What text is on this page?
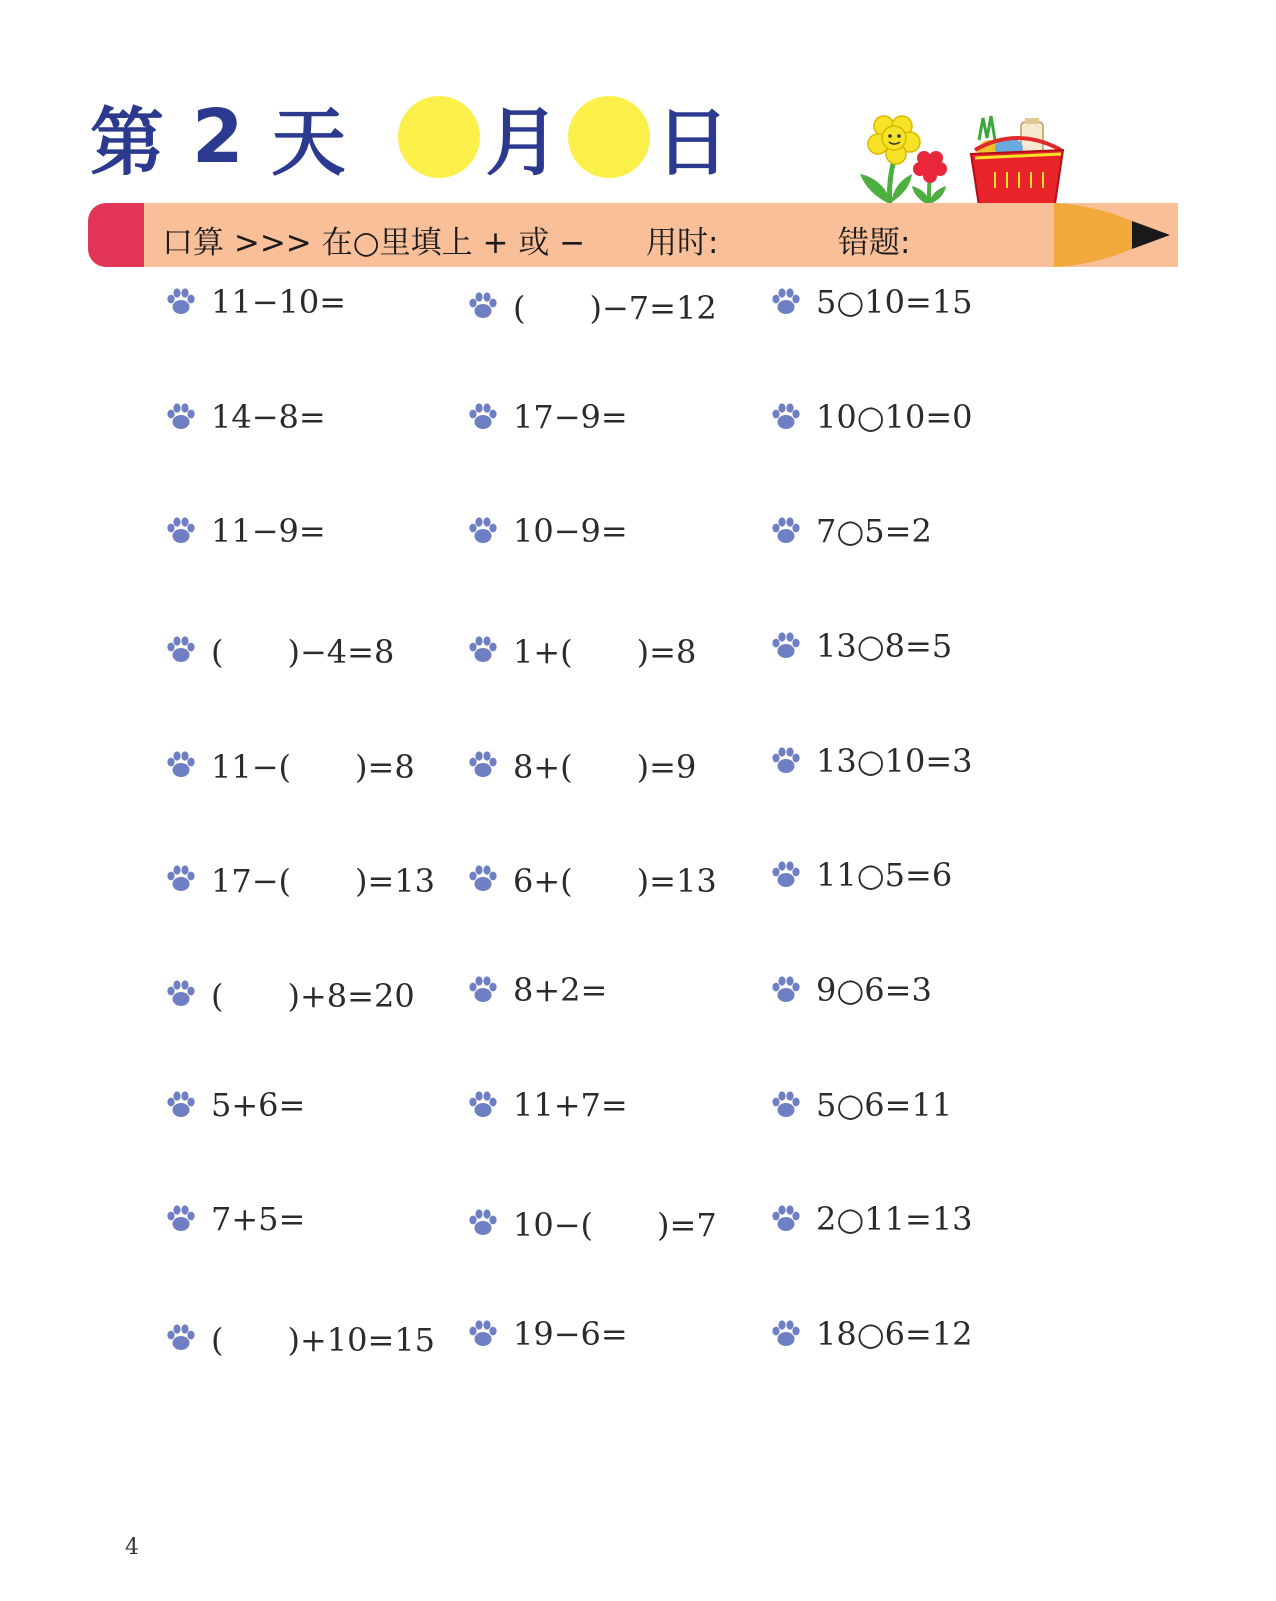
第 2 天 月 日
口算 >>> 在○里填上 + 或 − 用时:	错题:
11−10=
14−8=
11−9=
(　　)−4=8
11−(　　)=8
17−(　　)=13
(　　)+8=20
5+6=
7+5=
(　　)+10=15
(　　)−7=12
17−9=
10−9=
1+(　　)=8
8+(　　)=9
6+(　　)=13
8+2=
11+7=
10−(　　)=7
19−6=
5○10=15
10○10=0
7○5=2
13○8=5
13○10=3
11○5=6
9○6=3
5○6=11
2○11=13
18○6=12
4
